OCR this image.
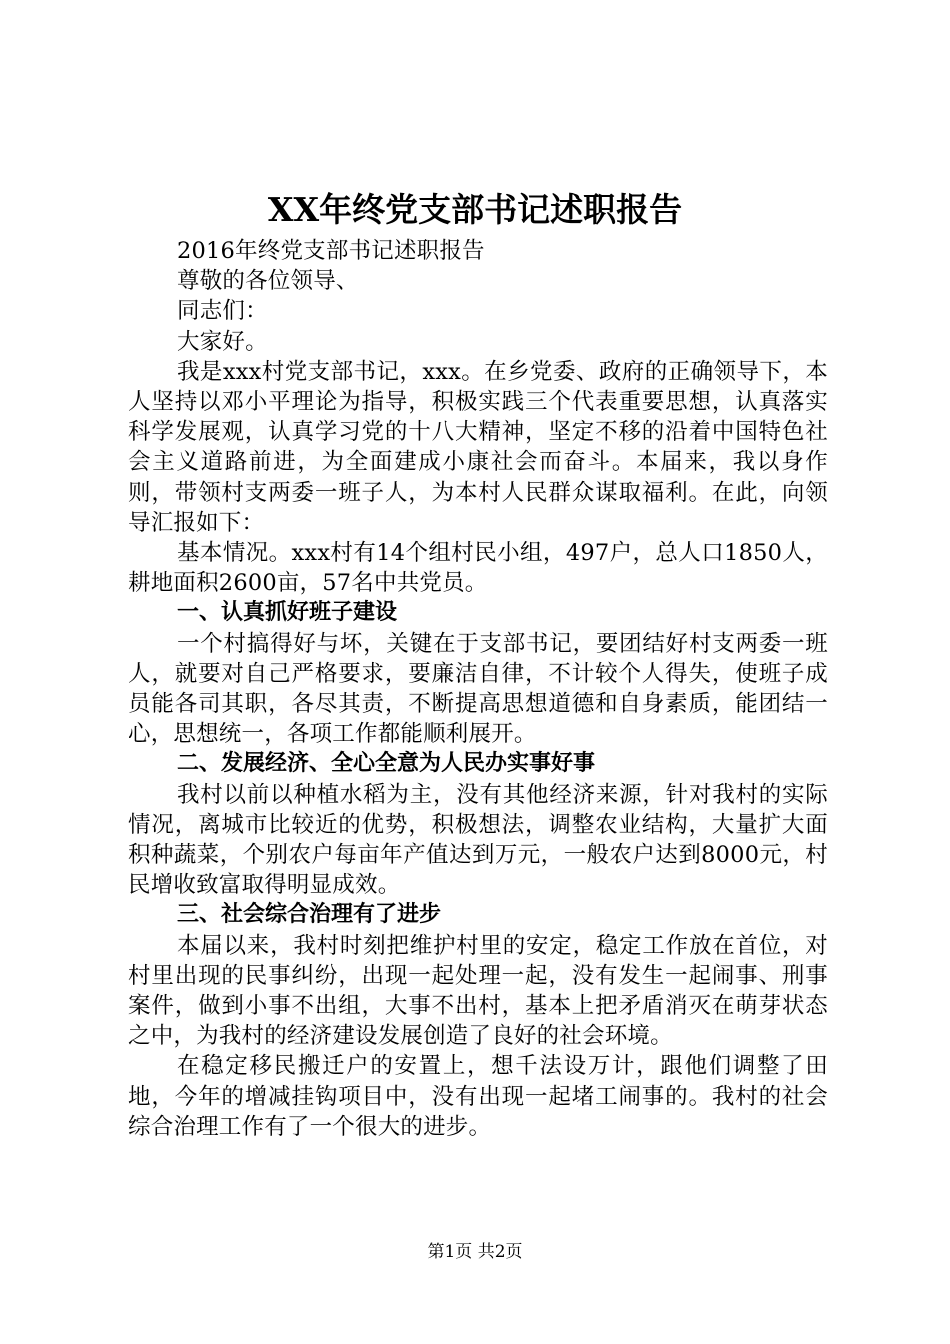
XX年终党支部书记述职报告

2016年终党支部书记述职报告

尊敬的各位领导、

同志们：

大家好。

我是xxx村党支部书记，xxx。在乡党委、政府的正确领导下，本人坚持以邓小平理论为指导，积极实践三个代表重要思想，认真落实科学发展观，认真学习党的十八大精神，坚定不移的沿着中国特色社会主义道路前进，为全面建成小康社会而奋斗。本届来，我以身作则，带领村支两委一班子人，为本村人民群众谋取福利。在此，向领导汇报如下：

基本情况。xxx村有14个组村民小组，497户，总人口1850人，耕地面积2600亩，57名中共党员。

一、认真抓好班子建设

一个村搞得好与坏，关键在于支部书记，要团结好村支两委一班人，就要对自己严格要求，要廉洁自律，不计较个人得失，使班子成员能各司其职，各尽其责，不断提高思想道德和自身素质，能团结一心，思想统一，各项工作都能顺利展开。

二、发展经济、全心全意为人民办实事好事

我村以前以种植水稻为主，没有其他经济来源，针对我村的实际情况，离城市比较近的优势，积极想法，调整农业结构，大量扩大面积种蔬菜，个别农户每亩年产值达到万元，一般农户达到8000元，村民增收致富取得明显成效。

三、社会综合治理有了进步

本届以来，我村时刻把维护村里的安定，稳定工作放在首位，对村里出现的民事纠纷，出现一起处理一起，没有发生一起闹事、刑事案件，做到小事不出组，大事不出村，基本上把矛盾消灭在萌芽状态之中，为我村的经济建设发展创造了良好的社会环境。

在稳定移民搬迁户的安置上，想千法设万计，跟他们调整了田地，今年的增减挂钩项目中，没有出现一起堵工闹事的。我村的社会综合治理工作有了一个很大的进步。

第1页 共2页
